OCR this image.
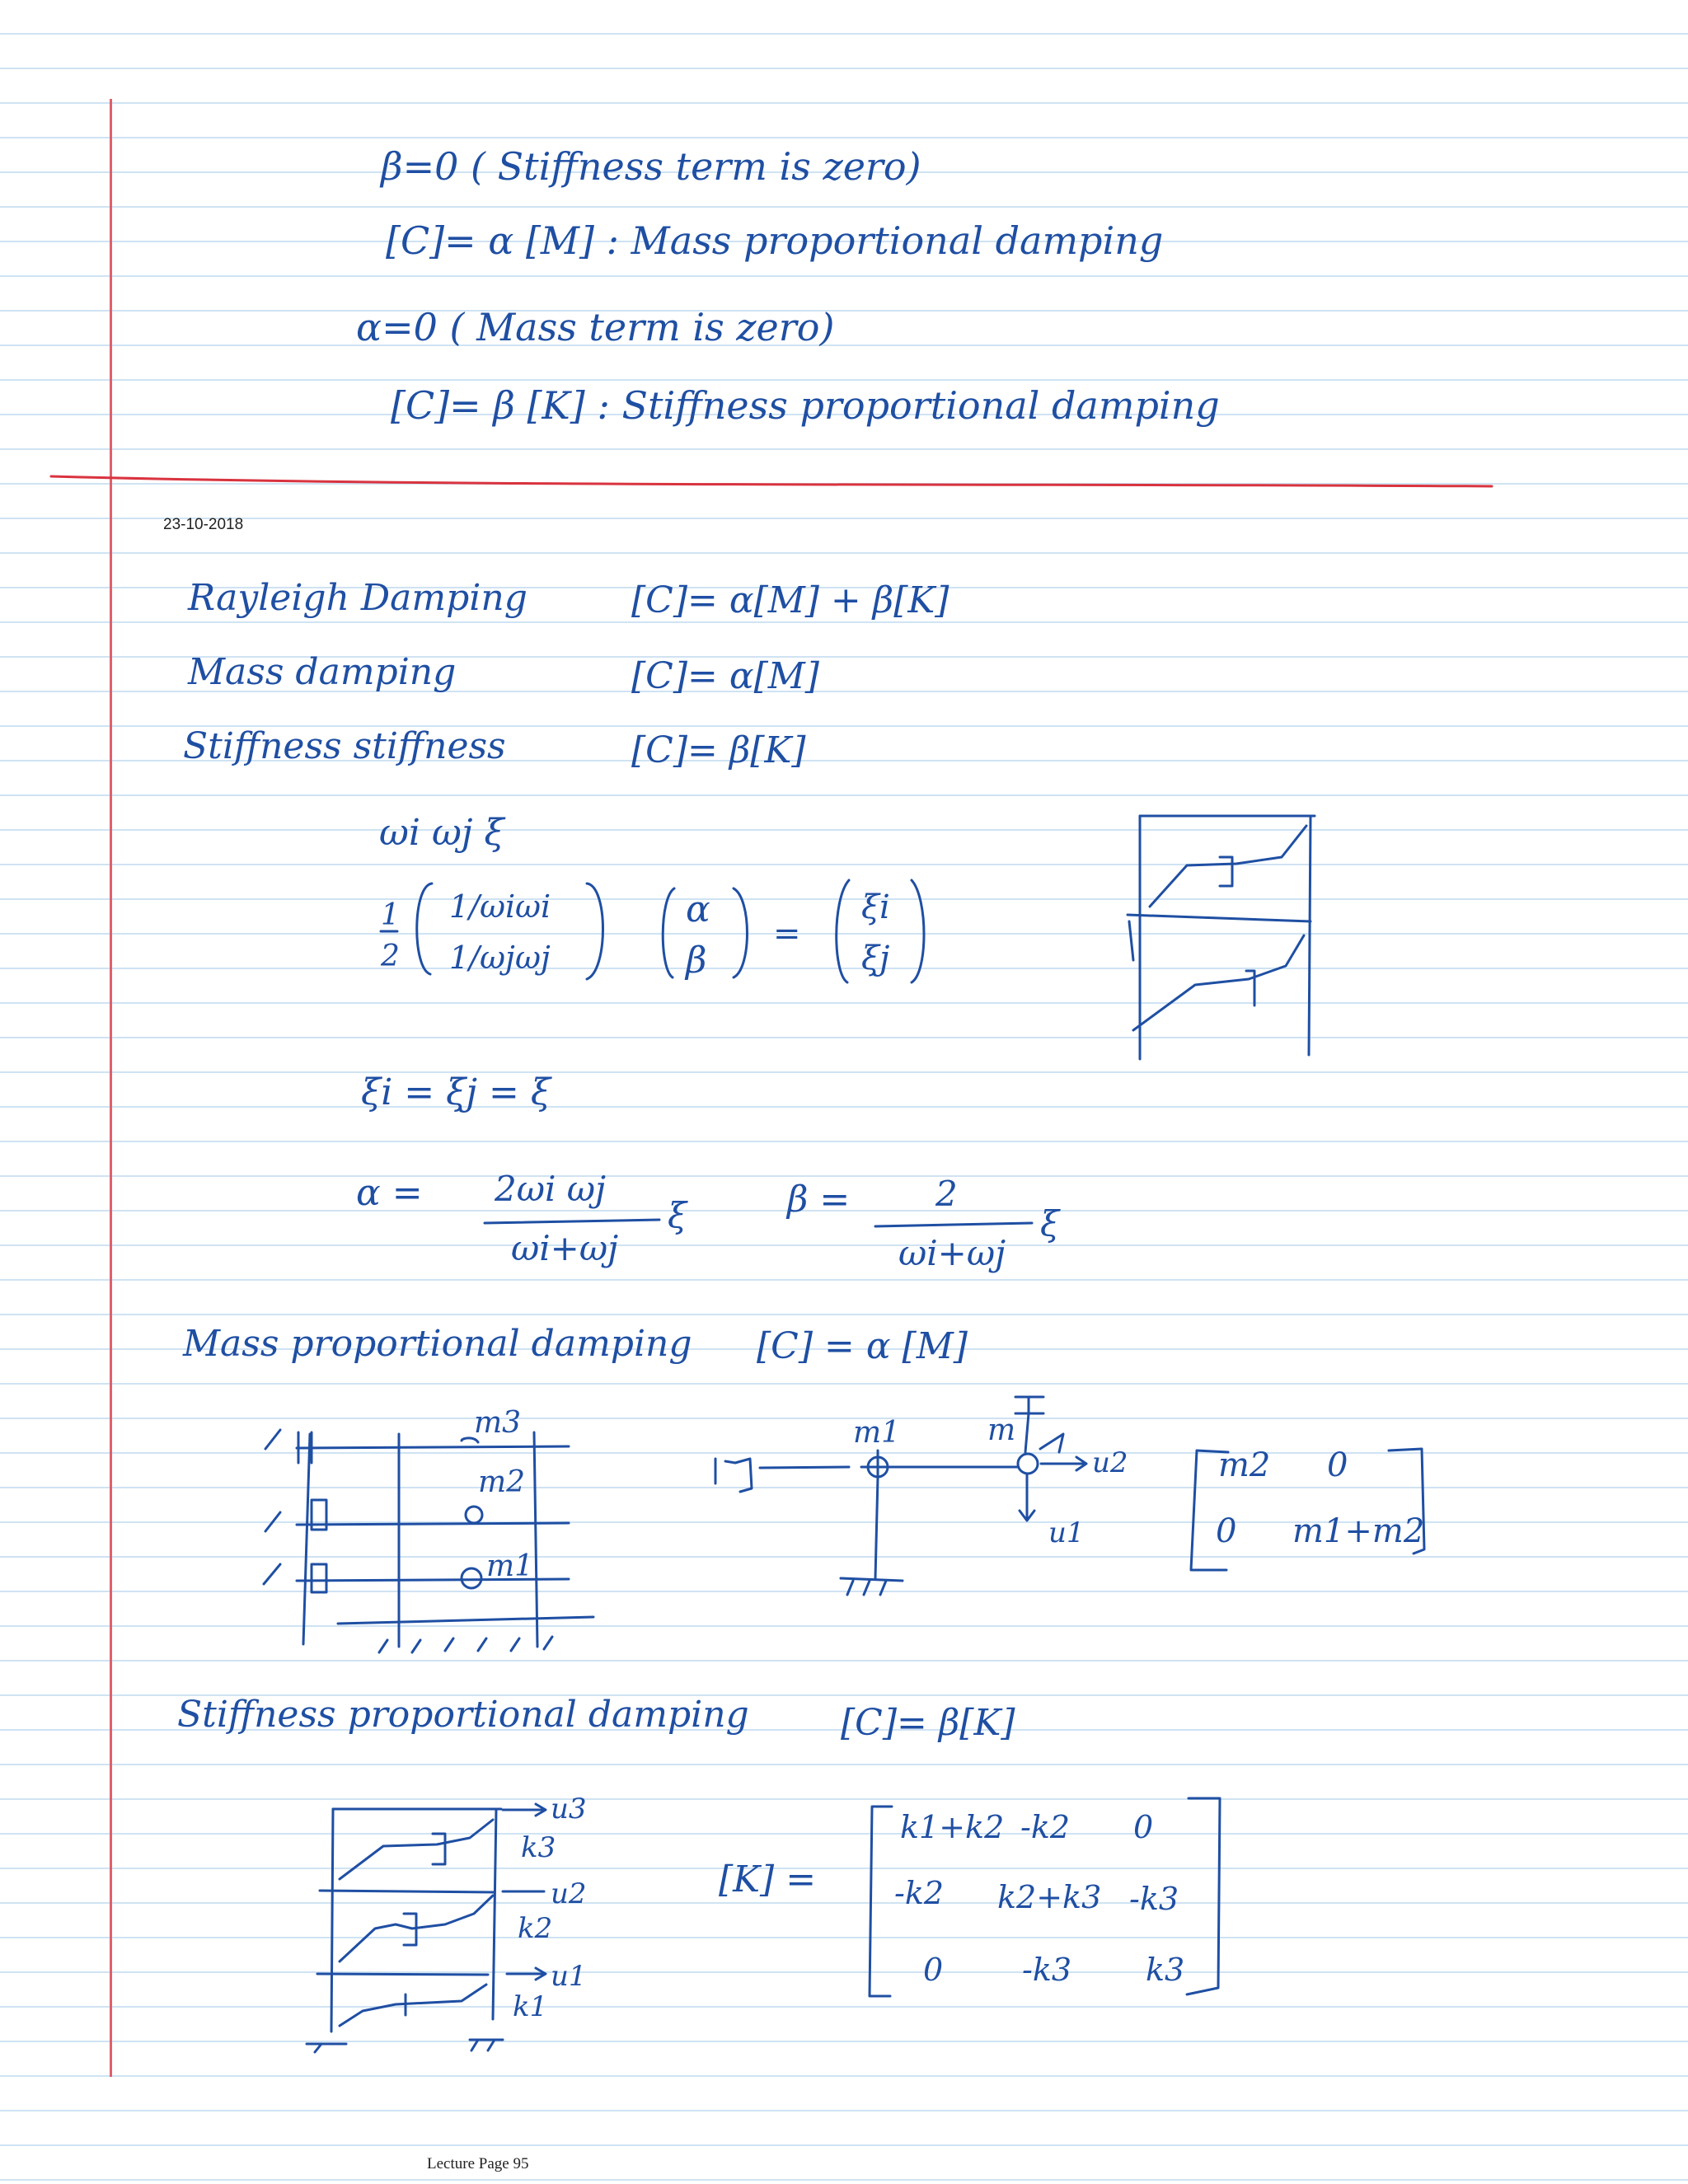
β=0 ( Stiffness term is zero)
[C]= α [M] : Mass proportional damping
α=0 ( Mass term is zero)
[C]= β [K] : Stiffness proportional damping
23-10-2018
Rayleigh Damping	[C]= α[M] + β[K]
Mass damping	[C]= α[M]
Stiffness stiffness	[C]= β[K]
ωi ωj ξ
1
2
1/ωi ωi
1/ωj ωj
α
β
=
ξi
ξj
ξi = ξj = ξ
α = 2ωi ωj
ωi+ωj
ξ	β = 2
ωi+ωj
ξ
Mass proportional damping [C] = α [M]
m3
m2
m1
m1	m
u2
u1
m2 0
0 m1+m2
Stiffness proportional damping	[C]= β[K]
u3
k3
u2
k2
u1
k1
[K] =
k1+k2 -k2 0
-k2 k2+k3 -k3
0	-k3 k3
Lecture Page 95
